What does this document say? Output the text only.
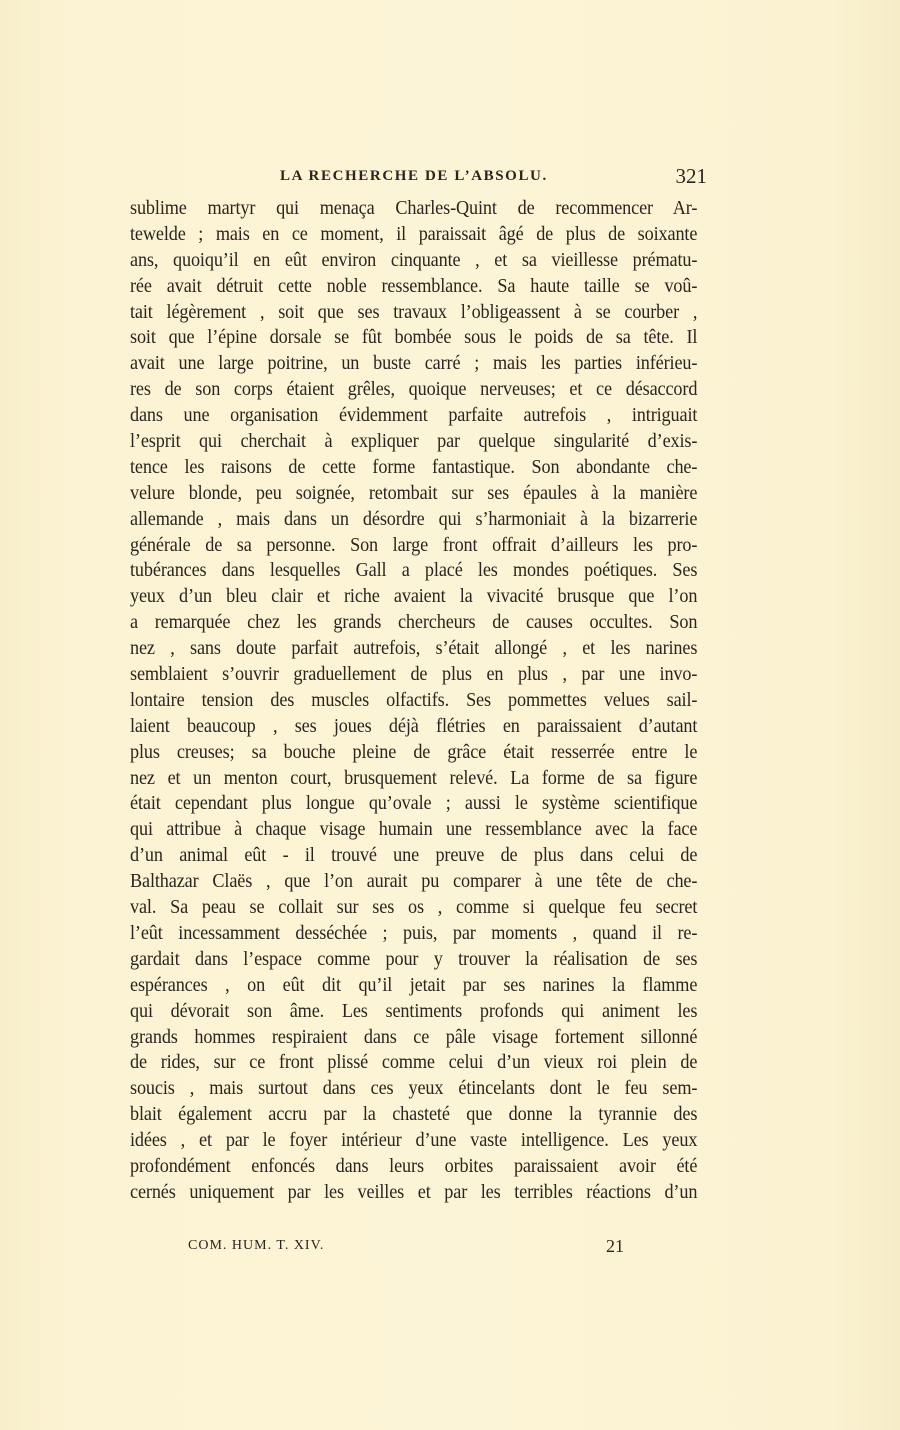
LA RECHERCHE DE L’ABSOLU.	321
sublime martyr qui menaça Charles-Quint de recommencer Ar-
tewelde ; mais en ce moment, il paraissait âgé de plus de soixante
ans, quoiqu’il en eût environ cinquante , et sa vieillesse prématu-
rée avait détruit cette noble ressemblance. Sa haute taille se voû-
tait légèrement , soit que ses travaux l’obligeassent à se courber ,
soit que l’épine dorsale se fût bombée sous le poids de sa tête. Il
avait une large poitrine, un buste carré ; mais les parties inférieu-
res de son corps étaient grêles, quoique nerveuses; et ce désaccord
dans une organisation évidemment parfaite autrefois , intriguait
l’esprit qui cherchait à expliquer par quelque singularité d’exis-
tence les raisons de cette forme fantastique. Son abondante che-
velure blonde, peu soignée, retombait sur ses épaules à la manière
allemande , mais dans un désordre qui s’harmoniait à la bizarrerie
générale de sa personne. Son large front offrait d’ailleurs les pro-
tubérances dans lesquelles Gall a placé les mondes poétiques. Ses
yeux d’un bleu clair et riche avaient la vivacité brusque que l’on
a remarquée chez les grands chercheurs de causes occultes. Son
nez , sans doute parfait autrefois, s’était allongé , et les narines
semblaient s’ouvrir graduellement de plus en plus , par une invo-
lontaire tension des muscles olfactifs. Ses pommettes velues sail-
laient beaucoup , ses joues déjà flétries en paraissaient d’autant
plus creuses; sa bouche pleine de grâce était resserrée entre le
nez et un menton court, brusquement relevé. La forme de sa figure
était cependant plus longue qu’ovale ; aussi le système scientifique
qui attribue à chaque visage humain une ressemblance avec la face
d’un animal eût - il trouvé une preuve de plus dans celui de
Balthazar Claës , que l’on aurait pu comparer à une tête de che-
val. Sa peau se collait sur ses os , comme si quelque feu secret
l’eût incessamment desséchée ; puis, par moments , quand il re-
gardait dans l’espace comme pour y trouver la réalisation de ses
espérances , on eût dit qu’il jetait par ses narines la flamme
qui dévorait son âme. Les sentiments profonds qui animent les
grands hommes respiraient dans ce pâle visage fortement sillonné
de rides, sur ce front plissé comme celui d’un vieux roi plein de
soucis , mais surtout dans ces yeux étincelants dont le feu sem-
blait également accru par la chasteté que donne la tyrannie des
idées , et par le foyer intérieur d’une vaste intelligence. Les yeux
profondément enfoncés dans leurs orbites paraissaient avoir été
cernés uniquement par les veilles et par les terribles réactions d’un
COM. HUM. T. XIV.	21
